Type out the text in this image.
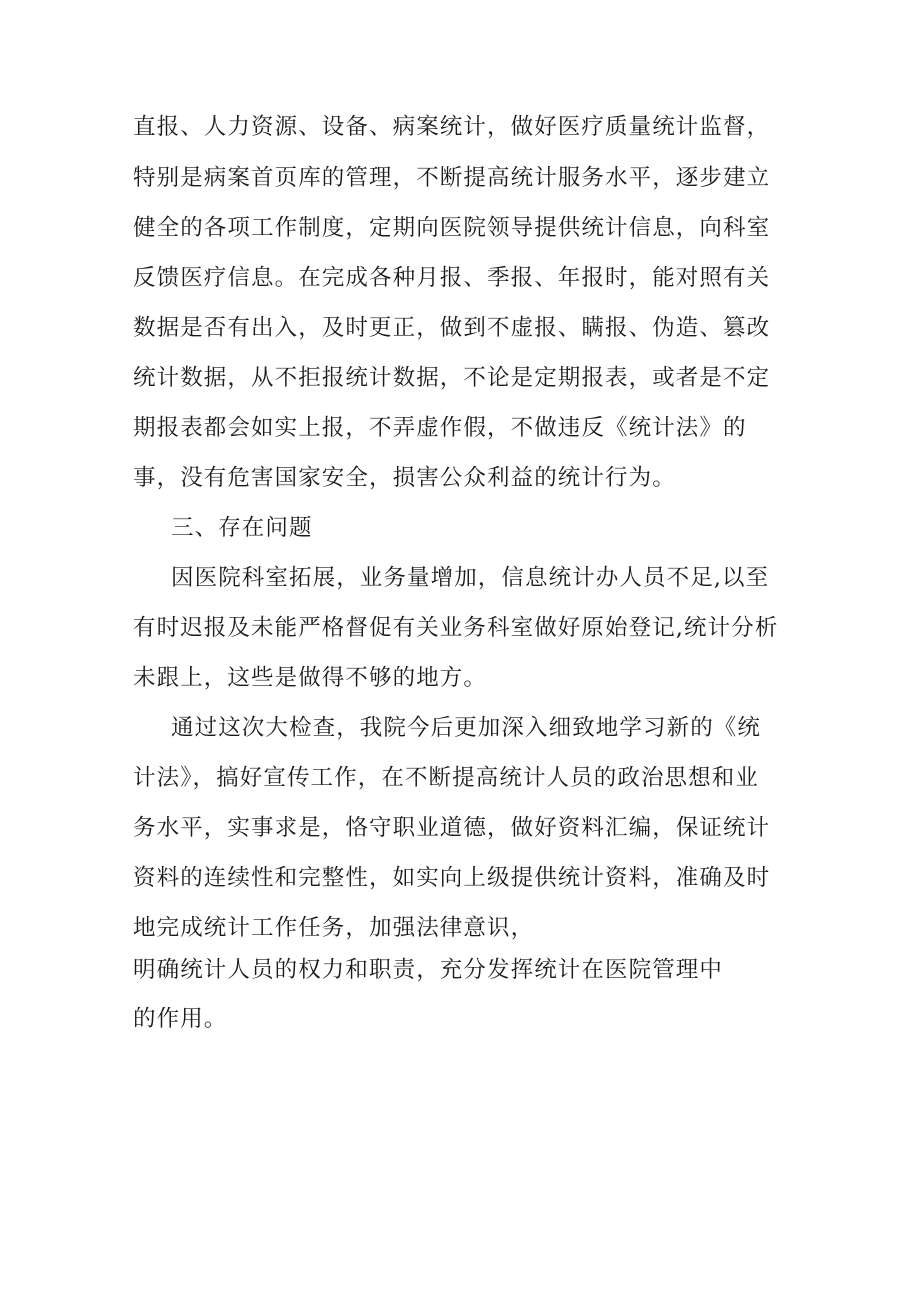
直报、人力资源、设备、病案统计，做好医疗质量统计监督，
特别是病案首页库的管理，不断提高统计服务水平，逐步建立
健全的各项工作制度，定期向医院领导提供统计信息，向科室
反馈医疗信息。在完成各种月报、季报、年报时，能对照有关
数据是否有出入，及时更正，做到不虚报、瞒报、伪造、篡改
统计数据，从不拒报统计数据，不论是定期报表，或者是不定
期报表都会如实上报，不弄虚作假，不做违反《统计法》的
事，没有危害国家安全，损害公众利益的统计行为。
三、存在问题
因医院科室拓展，业务量增加，信息统计办人员不足,以至
有时迟报及未能严格督促有关业务科室做好原始登记,统计分析
未跟上，这些是做得不够的地方。
通过这次大检查，我院今后更加深入细致地学习新的《统
计法》，搞好宣传工作，在不断提高统计人员的政治思想和业
务水平，实事求是，恪守职业道德，做好资料汇编，保证统计
资料的连续性和完整性，如实向上级提供统计资料，准确及时
地完成统计工作任务，加强法律意识，
明确统计人员的权力和职责，充分发挥统计在医院管理中
的作用。
